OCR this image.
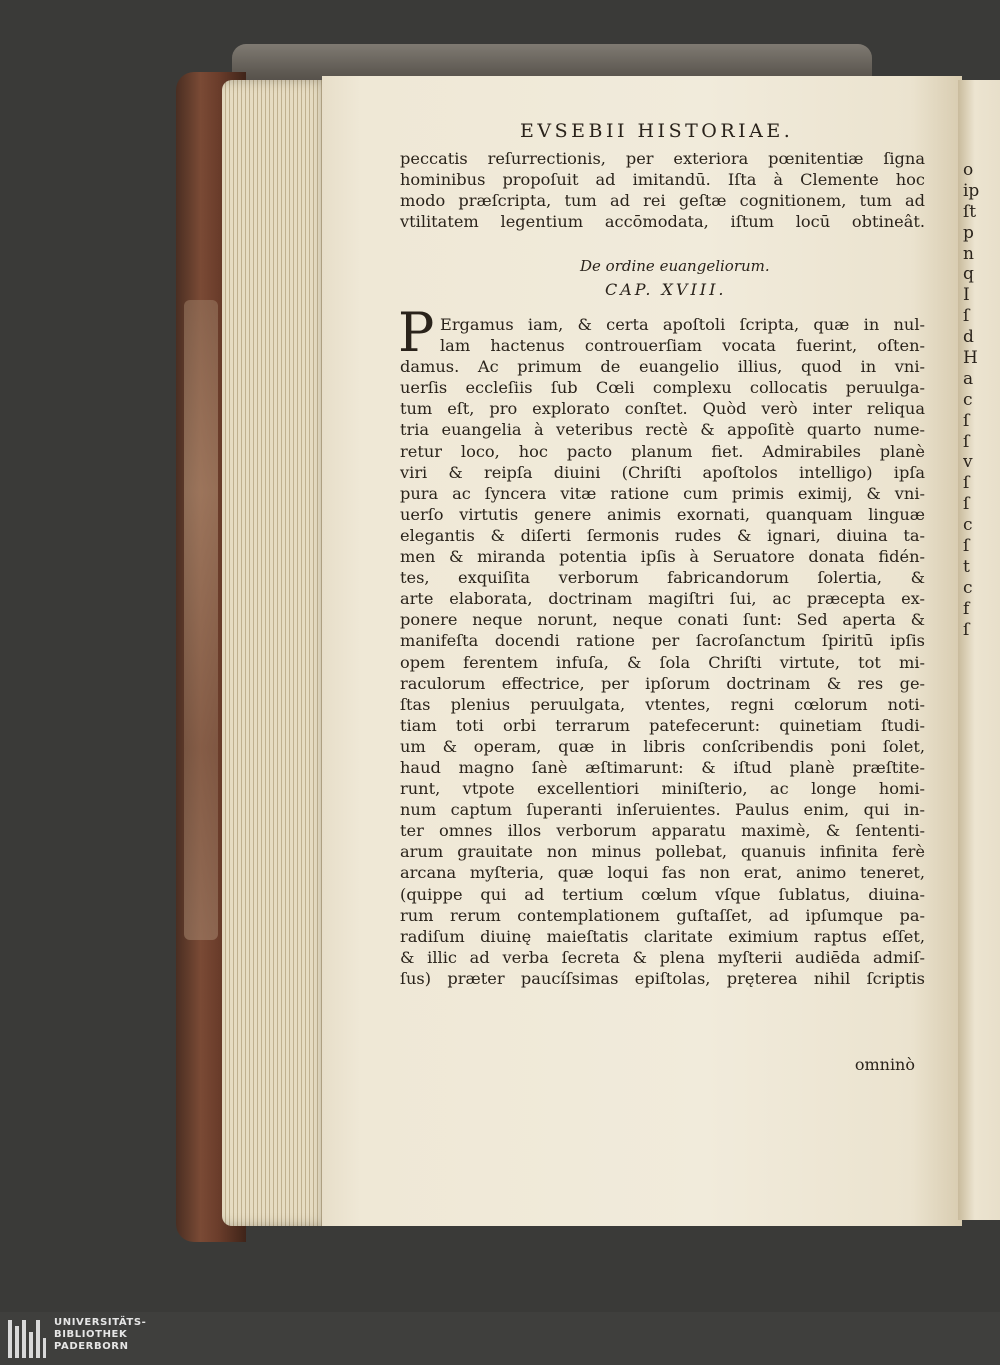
o
ip
ſt
p
n
q
I
ſ
d
H
a
c
ſ
ſ
v
ſ
ſ
c
ſ
t
c
f
ſ
EVSEBII HISTORIAE.
peccatis reſurrectionis, per exteriora pœnitentiæ ſigna
hominibus propoſuit ad imitandū. Iſta à Clemente hoc
modo præſcripta, tum ad rei geſtæ cognitionem, tum ad
vtilitatem legentium accōmodata, iſtum locū obtineât.
De ordine euangeliorum.
CAP. XVIII.
P Ergamus iam, & certa apoſtoli ſcripta, quæ in nul-
lam hactenus controuerſiam vocata fuerint, oſten-
damus. Ac primum de euangelio illius, quod in vni-
uerſis eccleſiis ſub Cœli complexu collocatis peruulga-
tum eſt, pro explorato conſtet. Quòd verò inter reliqua
tria euangelia à veteribus rectè & appoſitè quarto nume-
retur loco, hoc pacto planum fiet. Admirabiles planè
viri & reipſa diuini (Chriſti apoſtolos intelligo) ipſa
pura ac ſyncera vitæ ratione cum primis eximij, & vni-
uerſo virtutis genere animis exornati, quanquam linguæ
elegantis & diſerti ſermonis rudes & ignari, diuina ta-
men & miranda potentia ipſis à Seruatore donata fidén-
tes, exquiſita verborum fabricandorum ſolertia, &
arte elaborata, doctrinam magiſtri ſui, ac præcepta ex-
ponere neque norunt, neque conati ſunt: Sed aperta &
manifeſta docendi ratione per ſacroſanctum ſpiritū ipſis
opem ferentem infuſa, & ſola Chriſti virtute, tot mi-
raculorum effectrice, per ipſorum doctrinam & res ge-
ſtas plenius peruulgata, vtentes, regni cœlorum noti-
tiam toti orbi terrarum patefecerunt: quinetiam ſtudi-
um & operam, quæ in libris conſcribendis poni ſolet,
haud magno ſanè æſtimarunt: & iſtud planè præſtite-
runt, vtpote excellentiori miniſterio, ac longe homi-
num captum ſuperanti inſeruientes. Paulus enim, qui in-
ter omnes illos verborum apparatu maximè, & ſententi-
arum grauitate non minus pollebat, quanuis infinita ferè
arcana myſteria, quæ loqui fas non erat, animo teneret,
(quippe qui ad tertium cœlum vſque ſublatus, diuina-
rum rerum contemplationem guſtaſſet, ad ipſumque pa-
radiſum diuinę maieſtatis claritate eximium raptus eſſet,
& illic ad verba ſecreta & plena myſterii audiēda admiſ-
ſus) præter paucíſsimas epiſtolas, pręterea nihil ſcriptis
omninò
UNIVERSITÄTS-
BIBLIOTHEK
PADERBORN
